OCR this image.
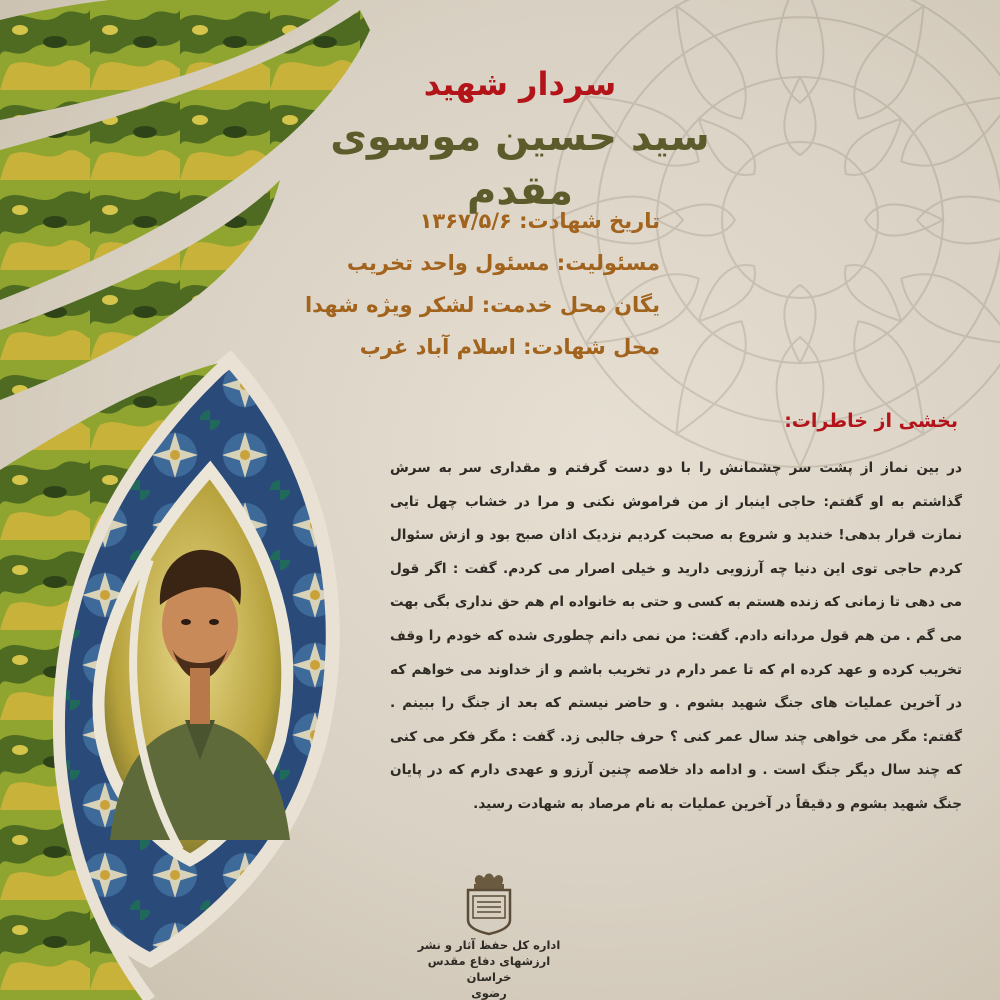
سردار شهید
سید حسین موسوی مقدم
تاریخ شهادت: ۱۳۶۷/۵/۶
مسئولیت: مسئول واحد تخریب
یگان محل خدمت: لشکر ویژه شهدا
محل شهادت: اسلام آباد غرب
بخشی از خاطرات:
در بین نماز از پشت سر چشمانش را با دو دست گرفتم و مقداری سر به سرش گذاشتم به او گفتم: حاجی اینبار از من فراموش نکنی و مرا در خشاب چهل تایی نمازت قرار بدهی! خندید و شروع به صحبت کردیم نزدیک اذان صبح بود و ازش سئوال کردم حاجی توی این دنیا چه آرزویی دارید و خیلی اصرار می کردم. گفت : اگر قول می دهی تا زمانی که زنده هستم به کسی و حتی به خانواده ام هم حق نداری بگی بهت می گم . من هم قول مردانه دادم. گفت: من نمی دانم چطوری شده که خودم را وقف تخریب کرده و عهد کرده ام که تا عمر دارم در تخریب باشم و از خداوند می خواهم که در آخرین عملیات های جنگ شهید بشوم . و حاضر نیستم که بعد از جنگ را ببینم . گفتم: مگر می خواهی چند سال عمر کنی ؟ حرف جالبی زد. گفت : مگر فکر می کنی که چند سال دیگر جنگ است . و ادامه داد خلاصه چنین آرزو و عهدی دارم که در پایان جنگ شهید بشوم و دقیقاً در آخرین عملیات به نام مرصاد به شهادت رسید.
اداره کل حفظ آثار و نشر
ارزشهای دفاع مقدس خراسان
رضوی
